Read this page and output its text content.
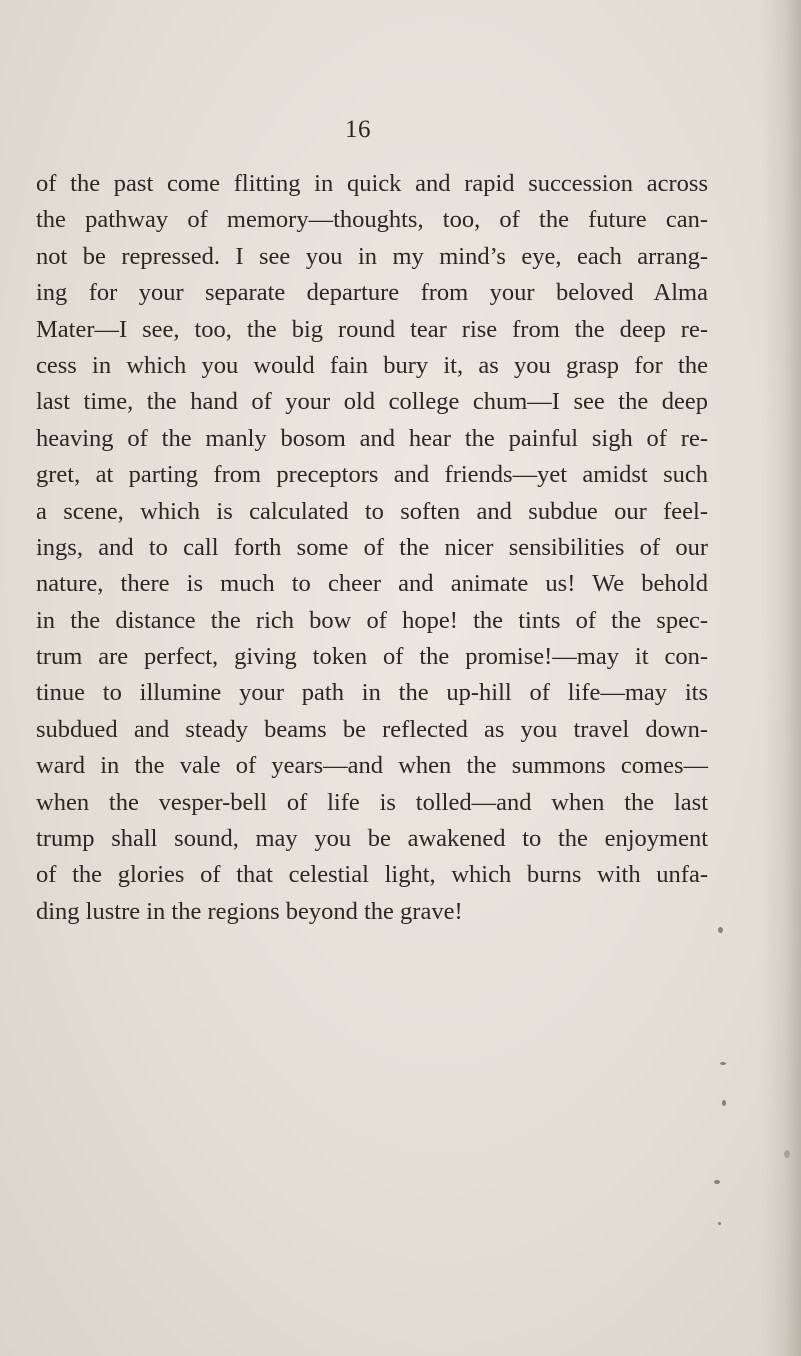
16
of the past come flitting in quick and rapid succession across
the pathway of memory—thoughts, too, of the future can-
not be repressed. I see you in my mind’s eye, each arrang-
ing for your separate departure from your beloved Alma
Mater—I see, too, the big round tear rise from the deep re-
cess in which you would fain bury it, as you grasp for the
last time, the hand of your old college chum—I see the deep
heaving of the manly bosom and hear the painful sigh of re-
gret, at parting from preceptors and friends—yet amidst such
a scene, which is calculated to soften and subdue our feel-
ings, and to call forth some of the nicer sensibilities of our
nature, there is much to cheer and animate us! We behold
in the distance the rich bow of hope! the tints of the spec-
trum are perfect, giving token of the promise!—may it con-
tinue to illumine your path in the up-hill of life—may its
subdued and steady beams be reflected as you travel down-
ward in the vale of years—and when the summons comes—
when the vesper-bell of life is tolled—and when the last
trump shall sound, may you be awakened to the enjoyment
of the glories of that celestial light, which burns with unfa-
ding lustre in the regions beyond the grave!
